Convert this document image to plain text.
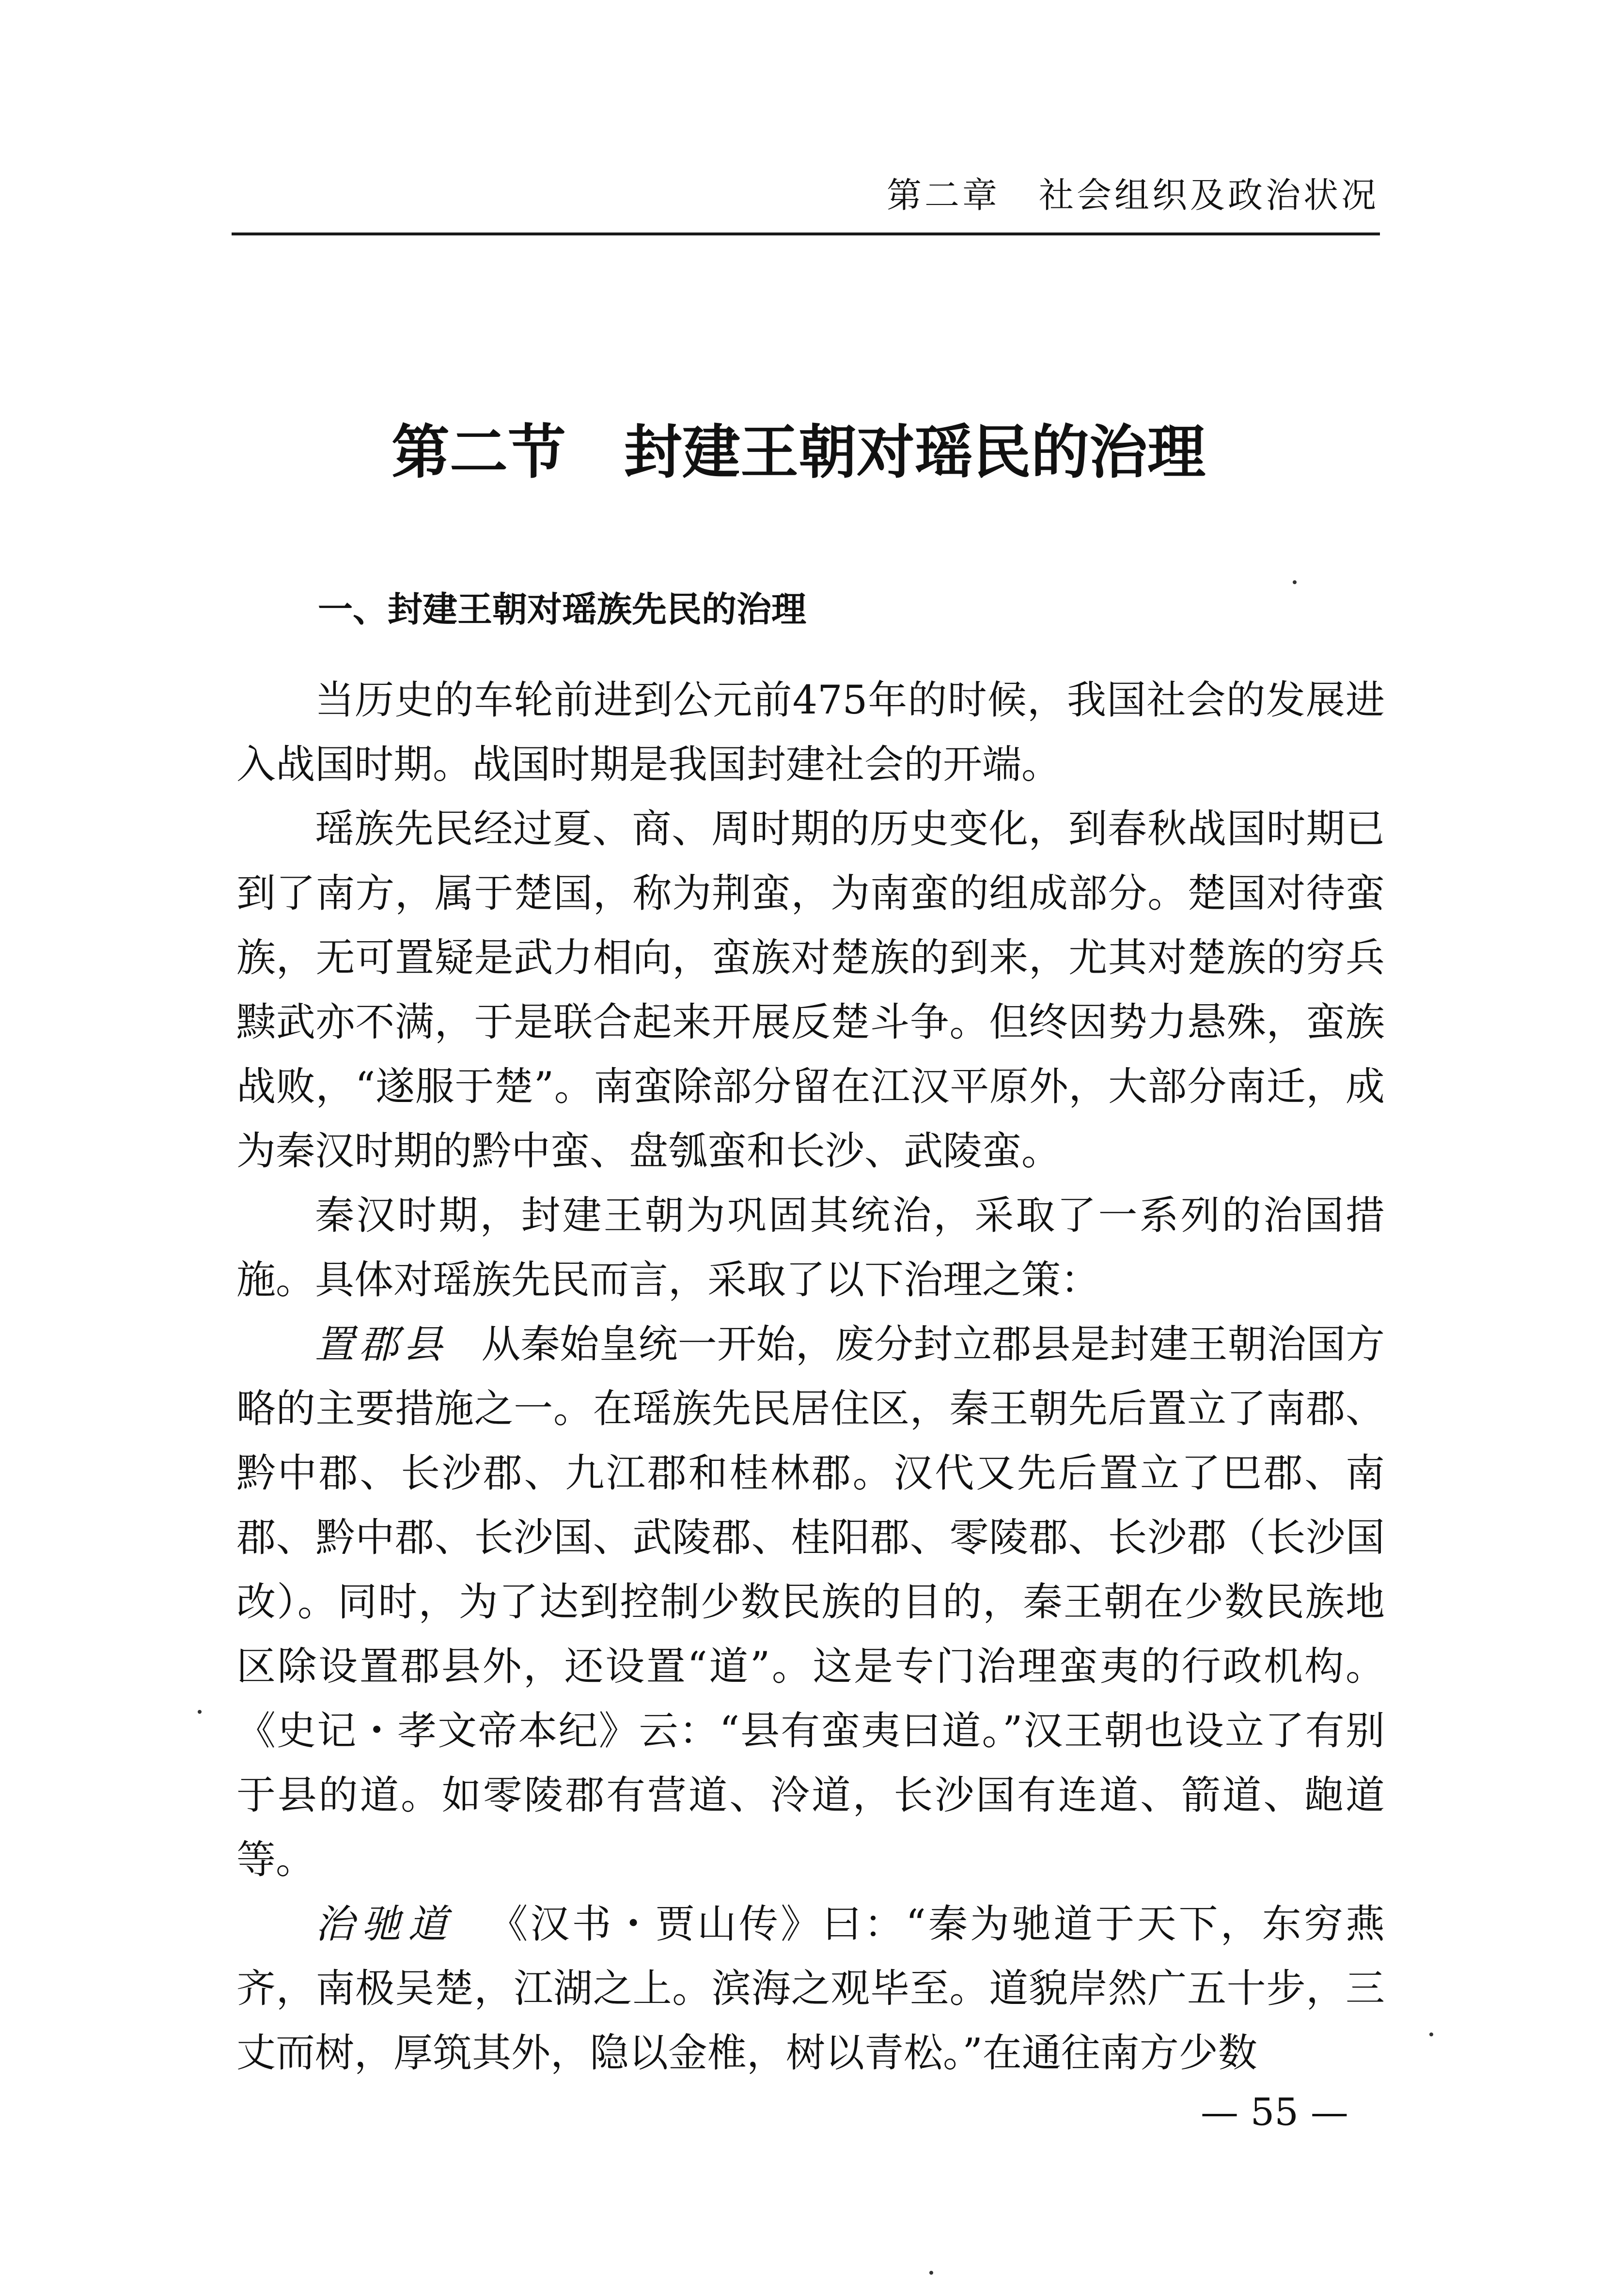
第二章 社会组织及政治状况
第二节 封建王朝对瑶民的治理
一、封建王朝对瑶族先民的治理

当历史的车轮前进到公元前475年的时候，我国社会的发展进入战国时期。战国时期是我国封建社会的开端。

瑶族先民经过夏、商、周时期的历史变化，到春秋战国时期已到了南方，属于楚国，称为荆蛮，为南蛮的组成部分。楚国对待蛮族，无可置疑是武力相向，蛮族对楚族的到来，尤其对楚族的穷兵黩武亦不满，于是联合起来开展反楚斗争。但终因势力悬殊，蛮族战败，“遂服于楚”。南蛮除部分留在江汉平原外，大部分南迁，成为秦汉时期的黔中蛮、盘瓠蛮和长沙、武陵蛮。

秦汉时期，封建王朝为巩固其统治，采取了一系列的治国措施。具体对瑶族先民而言，采取了以下治理之策：

置郡县 从秦始皇统一开始，废分封立郡县是封建王朝治国方略的主要措施之一。在瑶族先民居住区，秦王朝先后置立了南郡、黔中郡、长沙郡、九江郡和桂林郡。汉代又先后置立了巴郡、南郡、黔中郡、长沙国、武陵郡、桂阳郡、零陵郡、长沙郡（长沙国改）。同时，为了达到控制少数民族的目的，秦王朝在少数民族地区除设置郡县外，还设置“道”。这是专门治理蛮夷的行政机构。《史记・孝文帝本纪》云：“县有蛮夷曰道。”汉王朝也设立了有别于县的道。如零陵郡有营道、泠道，长沙国有连道、箭道、龅道等。

治驰道 《汉书・贾山传》曰：“秦为驰道于天下，东穷燕齐，南极吴楚，江湖之上。滨海之观毕至。道貌岸然广五十步，三丈而树，厚筑其外，隐以金椎，树以青松。”在通往南方少数

— 55 —
